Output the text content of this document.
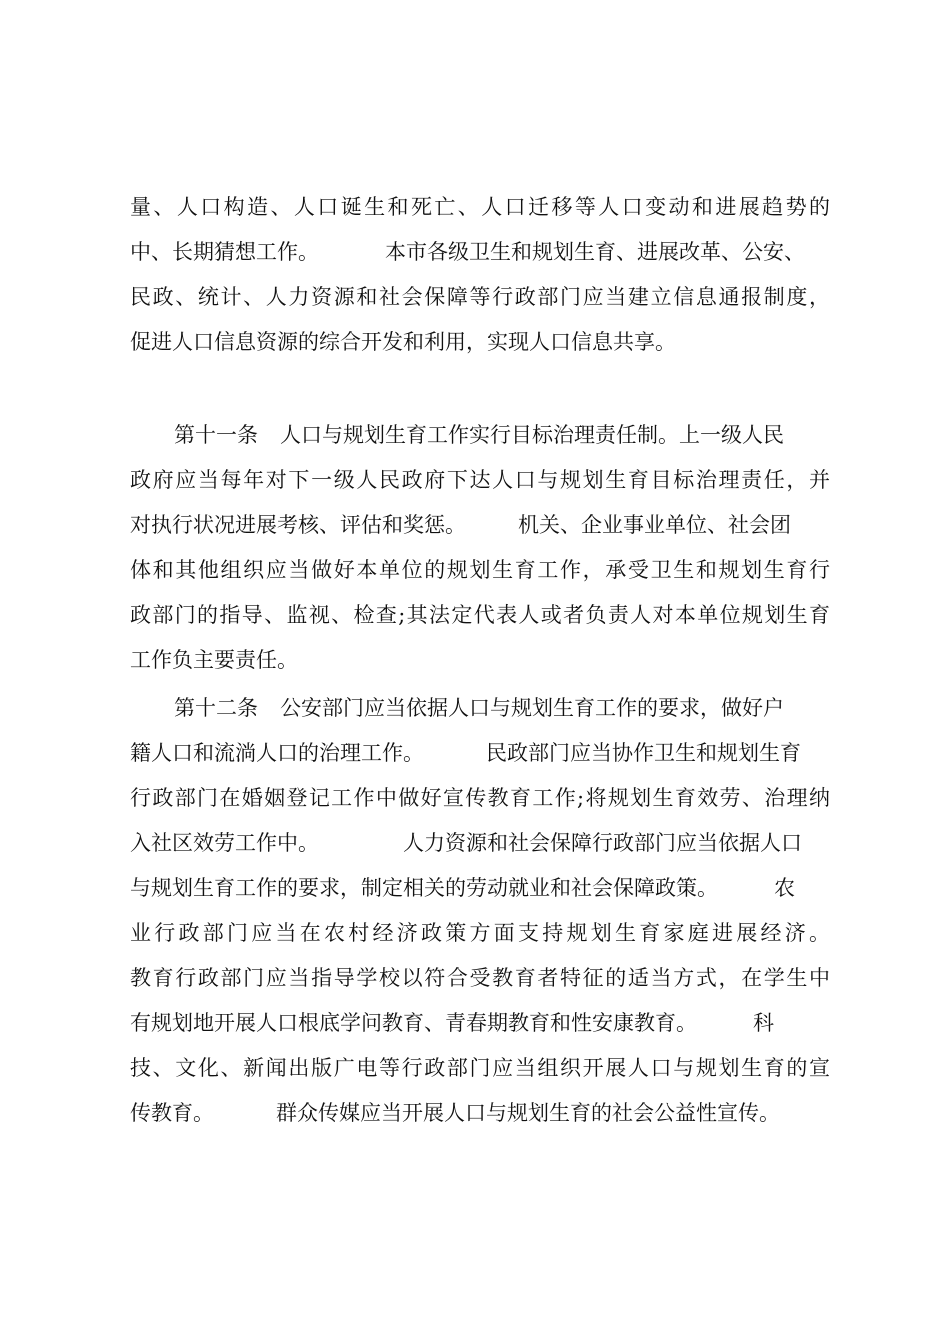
量、人口构造、人口诞生和死亡、人口迁移等人口变动和进展趋势的
中、长期猜想工作。	本市各级卫生和规划生育、进展改革、公安、
民政、统计、人力资源和社会保障等行政部门应当建立信息通报制度，
促进人口信息资源的综合开发和利用，实现人口信息共享。
第十一条 人口与规划生育工作实行目标治理责任制。上一级人民
政府应当每年对下一级人民政府下达人口与规划生育目标治理责任，并
对执行状况进展考核、评估和奖惩。 机关、企业事业单位、社会团
体和其他组织应当做好本单位的规划生育工作，承受卫生和规划生育行
政部门的指导、监视、检查;其法定代表人或者负责人对本单位规划生育
工作负主要责任。
第十二条 公安部门应当依据人口与规划生育工作的要求，做好户
籍人口和流淌人口的治理工作。	民政部门应当协作卫生和规划生育
行政部门在婚姻登记工作中做好宣传教育工作;将规划生育效劳、治理纳
入社区效劳工作中。	人力资源和社会保障行政部门应当依据人口
与规划生育工作的要求，制定相关的劳动就业和社会保障政策。	农
业行政部门应当在农村经济政策方面支持规划生育家庭进展经济。
教育行政部门应当指导学校以符合受教育者特征的适当方式，在学生中
有规划地开展人口根底学问教育、青春期教育和性安康教育。	科
技、文化、新闻出版广电等行政部门应当组织开展人口与规划生育的宣
传教育。	群众传媒应当开展人口与规划生育的社会公益性宣传。
